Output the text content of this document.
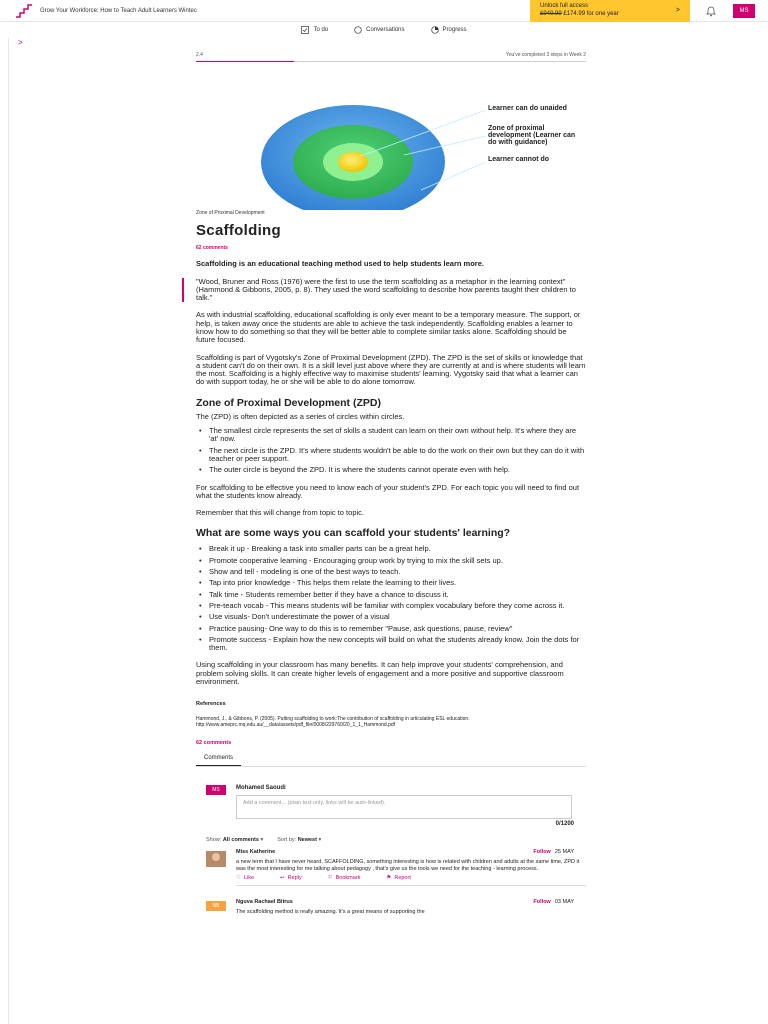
Grow Your Workforce: How to Teach Adult Learners Wintec
Unlock full access
£949.99 £174.99 for one year	>	MS
To do	Conversations	Progress
>
2.4	You've completed 3 steps in Week 2
Learner can do unaided
Zone of proximal development (Learner can do with guidance)
Learner cannot do
Zone of Proximal Development
Scaffolding
62 comments
Scaffolding is an educational teaching method used to help students learn more.
"Wood, Bruner and Ross (1976) were the first to use the term scaffolding as a metaphor in the learning context" (Hammond & Gibbons, 2005, p. 8). They used the word scaffolding to describe how parents taught their children to talk."

As with industrial scaffolding, educational scaffolding is only ever meant to be a temporary measure. The support, or help, is taken away once the students are able to achieve the task independently. Scaffolding enables a learner to know how to do something so that they will be better able to complete similar tasks alone. Scaffolding should be future focused.

Scaffolding is part of Vygotsky's Zone of Proximal Development (ZPD). The ZPD is the set of skills or knowledge that a student can't do on their own. It is a skill level just above where they are currently at and is where students will learn the most. Scaffolding is a highly effective way to maximise students' learning. Vygotsky said that what a learner can do with support today, he or she will be able to do alone tomorrow.

Zone of Proximal Development (ZPD)

The (ZPD) is often depicted as a series of circles within circles.

• The smallest circle represents the set of skills a student can learn on their own without help. It's where they are 'at' now.
• The next circle is the ZPD. It's where students wouldn't be able to do the work on their own but they can do it with teacher or peer support.
• The outer circle is beyond the ZPD. It is where the students cannot operate even with help.

For scaffolding to be effective you need to know each of your student's ZPD. For each topic you will need to find out what the students know already.

Remember that this will change from topic to topic.

What are some ways you can scaffold your students' learning?
• Break it up - Breaking a task into smaller parts can be a great help.
• Promote cooperative learning - Encouraging group work by trying to mix the skill sets up.
• Show and tell - modeling is one of the best ways to teach.
• Tap into prior knowledge - This helps them relate the learning to their lives.
• Talk time - Students remember better if they have a chance to discuss it.
• Pre-teach vocab - This means students will be familiar with complex vocabulary before they come across it.
• Use visuals- Don't underestimate the power of a visual
• Practice pausing- One way to do this is to remember "Pause, ask questions, pause, review"
• Promote success - Explain how the new concepts will build on what the students already know. Join the dots for them.

Using scaffolding in your classroom has many benefits. It can help improve your students' comprehension, and problem solving skills. It can create higher levels of engagement and a more positive and supportive classroom environment.

References
Hammond, J., & Gibbons, P. (2005). Putting scaffolding to work:The contribution of scaffolding in articulating ESL education. http://www.ameprc.mq.edu.au/__data/assets/pdf_file/0008/229760/20_1_1_Hammond.pdf
62 comments
Comments
MS	Mohamed Saoudi
Add a comment... (plain text only, links will be auto-linked).
0/1200
Show: All comments ▾	Sort by: Newest ▾
Miss Katherine	Follow 25 MAY
a new term that I have never heard, SCAFFOLDING, something interesting is how is related with children and adults at the same time, ZPD it was the most interesting for me talking about pedagogy , that's give us the tools we need for the teaching - learning process.
♡ Like	↩ Reply	⚐ Bookmark	⚑ Report
NB
Nguva Rachael Bitrus	Follow 03 MAY
The scaffolding method is really amazing. It's a great means of supporting the
